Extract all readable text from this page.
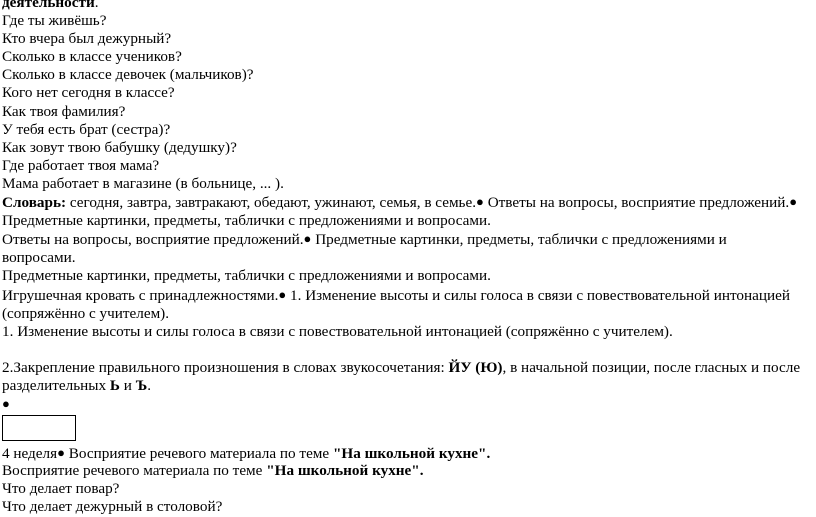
деятельности.
Где ты живёшь?
Кто вчера был дежурный?
Сколько в классе учеников?
Сколько в классе девочек (мальчиков)?
Кого нет сегодня в классе?
Как твоя фамилия?
У тебя есть брат (сестра)?
Как зовут твою бабушку (дедушку)?
Где работает твоя мама?
Мама работает в магазине (в больнице, ... ).
Словарь: сегодня, завтра, завтракают, обедают, ужинают, семья, в семье.● Ответы на вопросы, восприятие предложений.● Предметные картинки, предметы, таблички с предложениями и вопросами.
Ответы на вопросы, восприятие предложений.● Предметные картинки, предметы, таблички с предложениями и вопросами.
Предметные картинки, предметы, таблички с предложениями и вопросами.
Игрушечная кровать с принадлежностями.● 1. Изменение высоты и силы голоса в связи с повествовательной интонацией (сопряжённо с учителем).
1. Изменение высоты и силы голоса в связи с повествовательной интонацией (сопряжённо с учителем).
2.Закрепление правильного произношения в словах звукосочетания: ЙУ (Ю), в начальной позиции, после гласных и после разделительных Ь и Ъ.
●
4 неделя● Восприятие речевого материала по теме "На школьной кухне".
Восприятие речевого материала по теме "На школьной кухне".
Что делает повар?
Что делает дежурный в столовой?
